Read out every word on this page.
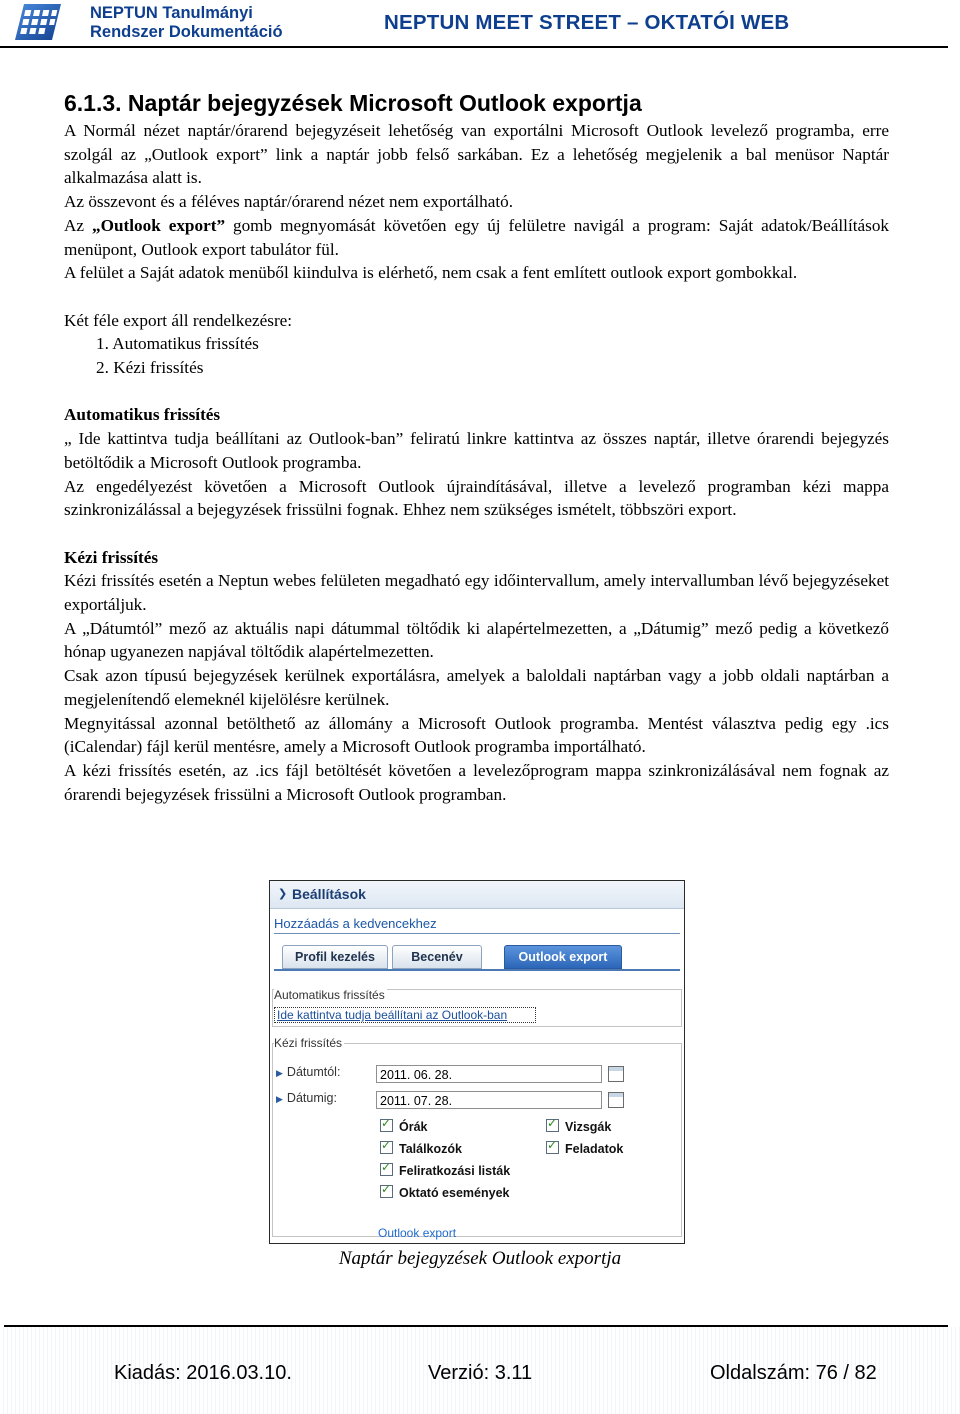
NEPTUN Tanulmányi
Rendszer Dokumentáció	NEPTUN MEET STREET – OKTATÓI WEB
6.1.3. Naptár bejegyzések Microsoft Outlook exportja

A Normál nézet naptár/órarend bejegyzéseit lehetőség van exportálni Microsoft Outlook levelező programba, erre szolgál az „Outlook export” link a naptár jobb felső sarkában. Ez a lehetőség megjelenik a bal menüsor Naptár alkalmazása alatt is.

Az összevont és a féléves naptár/órarend nézet nem exportálható.

Az „Outlook export” gomb megnyomását követően egy új felületre navigál a program: Saját adatok/Beállítások menüpont, Outlook export tabulátor fül.

A felület a Saját adatok menüből kiindulva is elérhető, nem csak a fent említett outlook export gombokkal.

Két féle export áll rendelkezésre:

1. Automatikus frissítés
2. Kézi frissítés

Automatikus frissítés

„ Ide kattintva tudja beállítani az Outlook-ban” feliratú linkre kattintva az összes naptár, illetve órarendi bejegyzés betöltődik a Microsoft Outlook programba.

Az engedélyezést követően a Microsoft Outlook újraindításával, illetve a levelező programban kézi mappa szinkronizálással a bejegyzések frissülni fognak. Ehhez nem szükséges ismételt, többszöri export.

Kézi frissítés

Kézi frissítés esetén a Neptun webes felületen megadható egy időintervallum, amely intervallumban lévő bejegyzéseket exportáljuk.

A „Dátumtól” mező az aktuális napi dátummal töltődik ki alapértelmezetten, a „Dátumig” mező pedig a következő hónap ugyanezen napjával töltődik alapértelmezetten.

Csak azon típusú bejegyzések kerülnek exportálásra, amelyek a baloldali naptárban vagy a jobb oldali naptárban a megjelenítendő elemeknél kijelölésre kerülnek.

Megnyitással azonnal betölthető az állomány a Microsoft Outlook programba. Mentést választva pedig egy .ics (iCalendar) fájl kerül mentésre, amely a Microsoft Outlook programba importálható.

A kézi frissítés esetén, az .ics fájl betöltését követően a levelezőprogram mappa szinkronizálásával nem fognak az órarendi bejegyzések frissülni a Microsoft Outlook programban.

❯ Beállítások
Hozzáadás a kedvencekhez
Profil kezelés	Becenév	Outlook export
Automatikus frissítés
Ide kattintva tudja beállítani az Outlook-ban
Kézi frissítés
▶ Dátumtól:	2011. 06. 28.
▶ Dátumig:	2011. 07. 28.
✓Órák ✓	Vizsgák
✓Találkozók ✓	Feladatok
✓Feliratkozási listák
✓Oktató események
Outlook export
Naptár bejegyzések Outlook exportja
Kiadás: 2016.03.10.	Verzió: 3.11	Oldalszám: 76 / 82
